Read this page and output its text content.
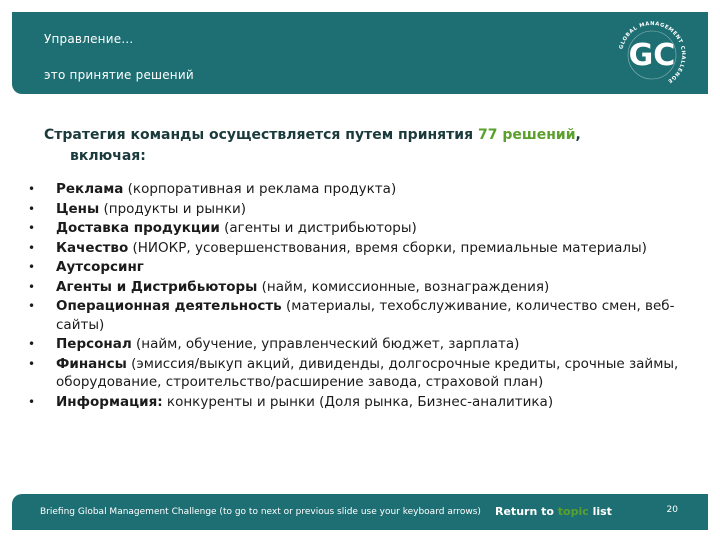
Управление…
это принятие решений
GC
GLOBAL MANAGEMENT CHALLENGE
Стратегия команды осуществляется путем принятия 77 решений,
включая:
• Реклама (корпоративная и реклама продукта)
• Цены (продукты и рынки)
• Доставка продукции (агенты и дистрибьюторы)
• Качество (НИОКР, усовершенствования, время сборки, премиальные материалы)
• Аутсорсинг
• Агенты и Дистрибьюторы (найм, комиссионные, вознаграждения)
• Операционная деятельность (материалы, техобслуживание, количество смен, веб-сайты)
• Персонал (найм, обучение, управленческий бюджет, зарплата)
• Финансы (эмиссия/выкуп акций, дивиденды, долгосрочные кредиты, срочные займы, оборудование, строительство/расширение завода, страховой план)
• Информация: конкуренты и рынки (Доля рынка, Бизнес-аналитика)
Briefing Global Management Challenge (to go to next or previous slide use your keyboard arrows) Return to topic list	20
